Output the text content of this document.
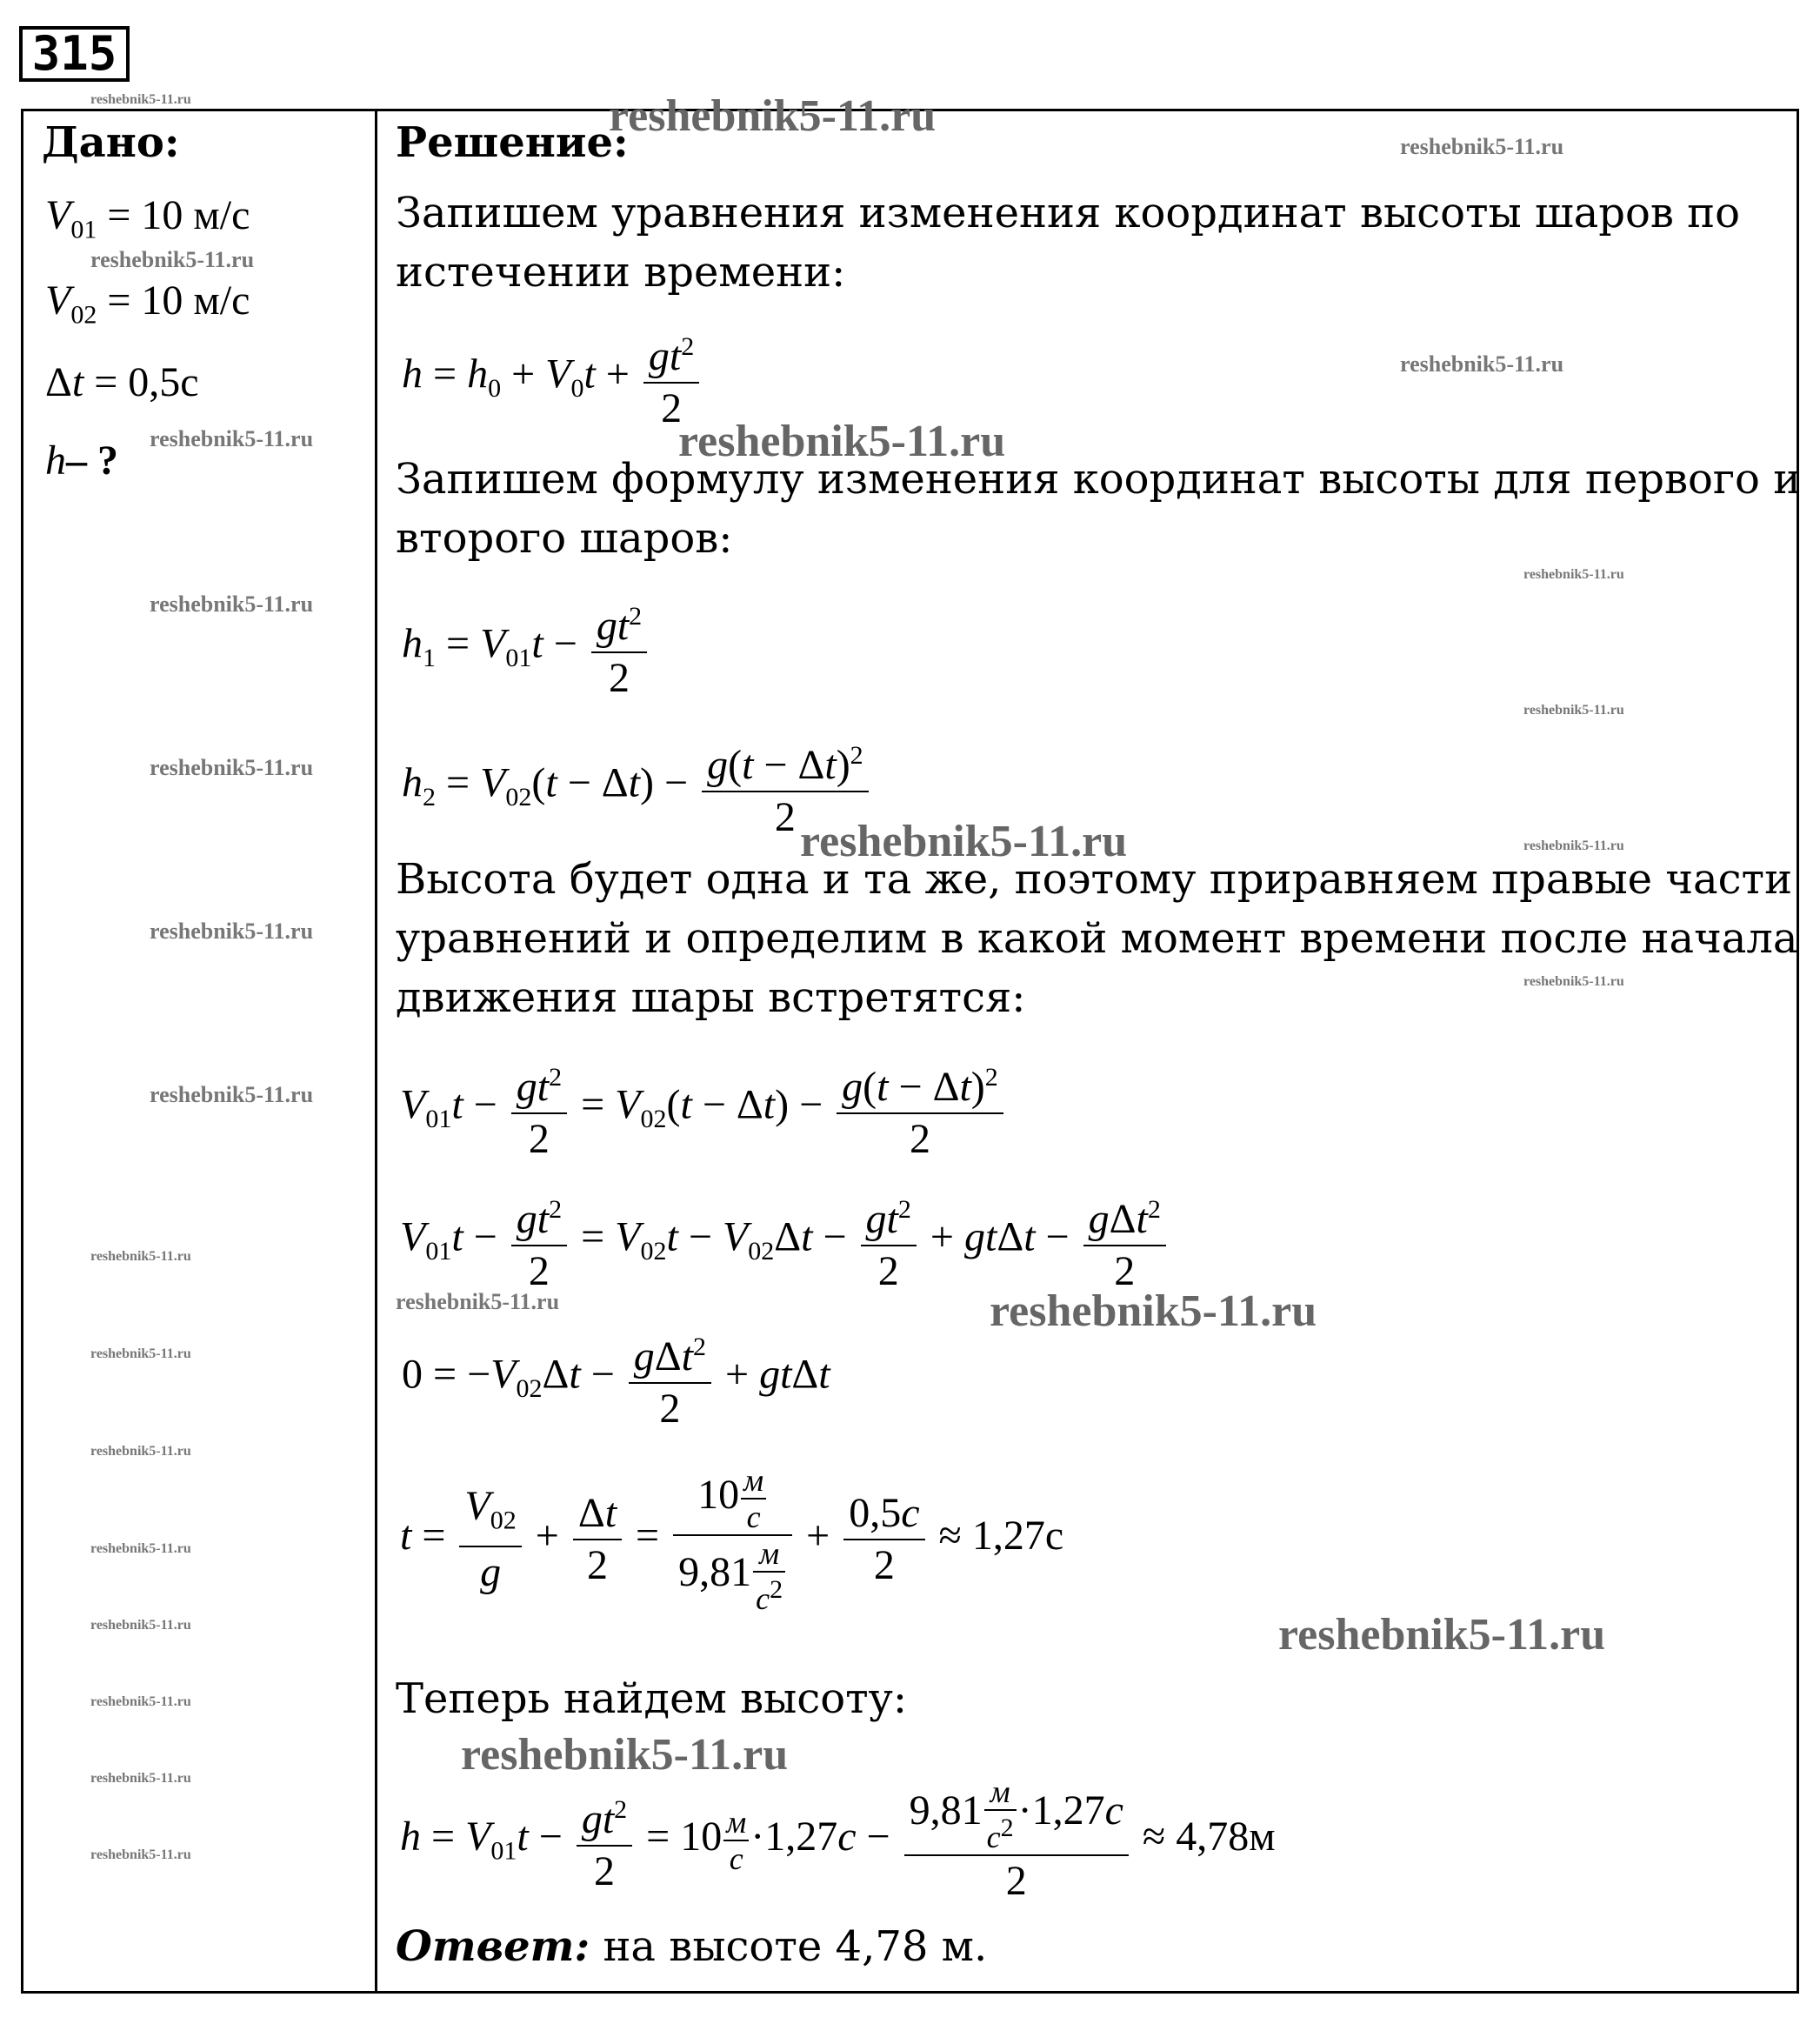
315
Дано:
$V_{01} = 10$ м/с
$V_{02} = 10$ м/с
Δt = 0,5с
h– ?
Решение:
Запишем уравнения изменения координат высоты шаров по
истечении времени:
$h = h_0 + V_0t + \frac{gt^2}{2}$
Запишем формулу изменения координат высоты для первого и
второго шаров:
$h_1 = V_{01}t - \frac{gt^2}{2}$
$h_2 = V_{02}(t - \Delta t) - \frac{g(t - \Delta t)^2}{2}$
Высота будет одна и та же, поэтому приравняем правые части
уравнений и определим в какой момент времени после начала
движения шары встретятся:
$V_{01}t - \frac{gt^2}{2} = V_{02}(t - \Delta t) - \frac{g(t - \Delta t)^2}{2}$
$V_{01}t - \frac{gt^2}{2} = V_{02}t - V_{02}\Delta t - \frac{gt^2}{2} + gt\Delta t - \frac{g\Delta t^2}{2}$
$0 = -V_{02}\Delta t - \frac{g\Delta t^2}{2} + gt\Delta t$
$t = \frac{V_{02}}{g} + \frac{\Delta t}{2} = 10$ м
с
9,81 м
$с^2 + \frac{0,5с}{2} \approx 1,27с$
Теперь найдем высоту:
$h = V_{01}t - \frac{gt^2}{2} = 10$ м
с ·1,27с − 9,81 м
$с^2 \cdot 1,27с$
2 ≈ 4,78м
Ответ: на высоте 4,78 м.
reshebnik5-11.ru	reshebnik5-11.ru
reshebnik5-11.ru
reshebnik5-11.ru
reshebnik5-11.ru
reshebnik5-11.ru
reshebnik5-11.ru
reshebnik5-11.ru
reshebnik5-11.ru
reshebnik5-11.ru
reshebnik5-11.ru
reshebnik5-11.ru	reshebnik5-11.ru
reshebnik5-11.ru
reshebnik5-11.ru
reshebnik5-11.ru
reshebnik5-11.ru
reshebnik5-11.ru	reshebnik5-11.ru
reshebnik5-11.ru
reshebnik5-11.ru
reshebnik5-11.ru
reshebnik5-11.ru
reshebnik5-11.ru
reshebnik5-11.ru
reshebnik5-11.ru
reshebnik5-11.ru
reshebnik5-11.ru
